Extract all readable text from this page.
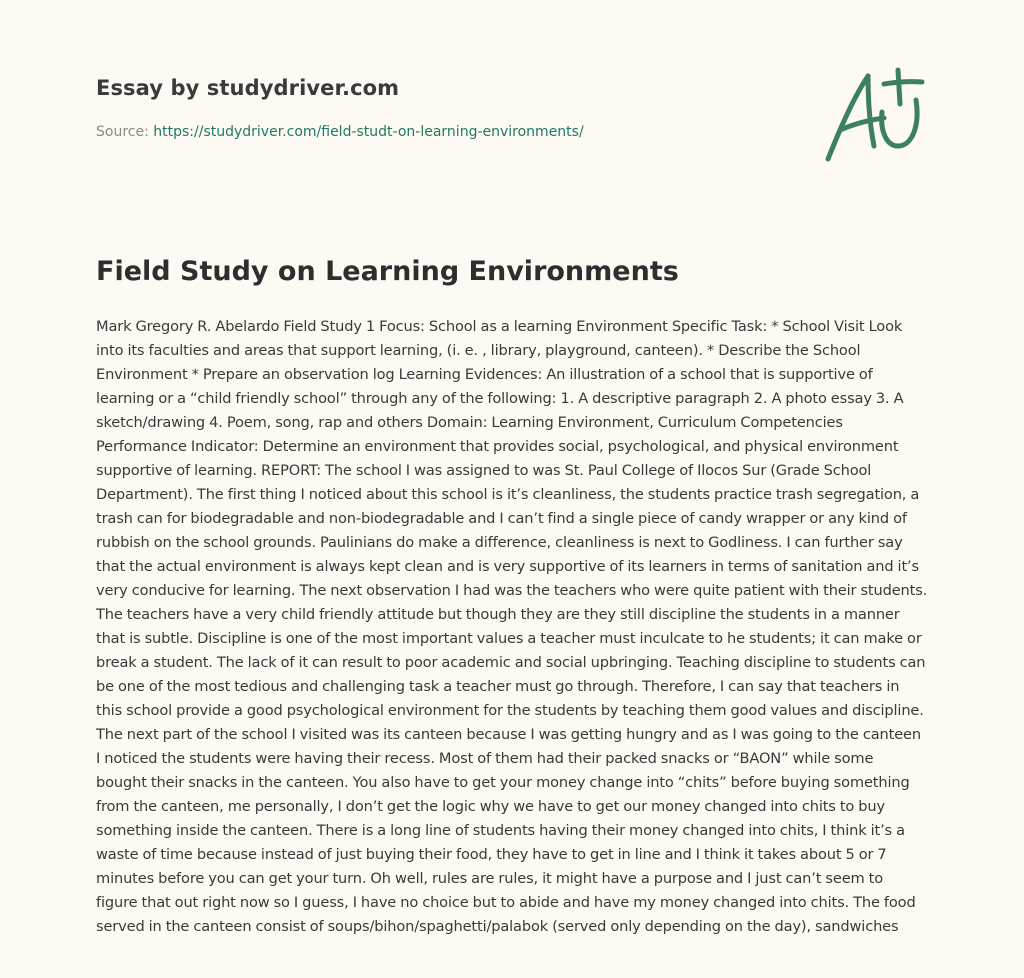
Essay by studydriver.com
Source: https://studydriver.com/field-studt-on-learning-environments/
Field Study on Learning Environments

Mark Gregory R. Abelardo Field Study 1 Focus: School as a learning Environment Specific Task: * School Visit Look into its faculties and areas that support learning, (i. e. , library, playground, canteen). * Describe the School Environment * Prepare an observation log Learning Evidences: An illustration of a school that is supportive of learning or a “child friendly school” through any of the following: 1. A descriptive paragraph 2. A photo essay 3. A sketch/drawing 4. Poem, song, rap and others Domain: Learning Environment, Curriculum Competencies Performance Indicator: Determine an environment that provides social, psychological, and physical environment supportive of learning. REPORT: The school I was assigned to was St. Paul College of Ilocos Sur (Grade School Department). The first thing I noticed about this school is it’s cleanliness, the students practice trash segregation, a trash can for biodegradable and non-biodegradable and I can’t find a single piece of candy wrapper or any kind of rubbish on the school grounds. Paulinians do make a difference, cleanliness is next to Godliness. I can further say that the actual environment is always kept clean and is very supportive of its learners in terms of sanitation and it’s very conducive for learning. The next observation I had was the teachers who were quite patient with their students. The teachers have a very child friendly attitude but though they are they still discipline the students in a manner that is subtle. Discipline is one of the most important values a teacher must inculcate to he students; it can make or break a student. The lack of it can result to poor academic and social upbringing. Teaching discipline to students can be one of the most tedious and challenging task a teacher must go through. Therefore, I can say that teachers in this school provide a good psychological environment for the students by teaching them good values and discipline. The next part of the school I visited was its canteen because I was getting hungry and as I was going to the canteen I noticed the students were having their recess. Most of them had their packed snacks or “BAON” while some bought their snacks in the canteen. You also have to get your money change into “chits” before buying something from the canteen, me personally, I don’t get the logic why we have to get our money changed into chits to buy something inside the canteen. There is a long line of students having their money changed into chits, I think it’s a waste of time because instead of just buying their food, they have to get in line and I think it takes about 5 or 7 minutes before you can get your turn. Oh well, rules are rules, it might have a purpose and I just can’t seem to figure that out right now so I guess, I have no choice but to abide and have my money changed into chits. The food served in the canteen consist of soups/bihon/spaghetti/palabok (served only depending on the day), sandwiches
